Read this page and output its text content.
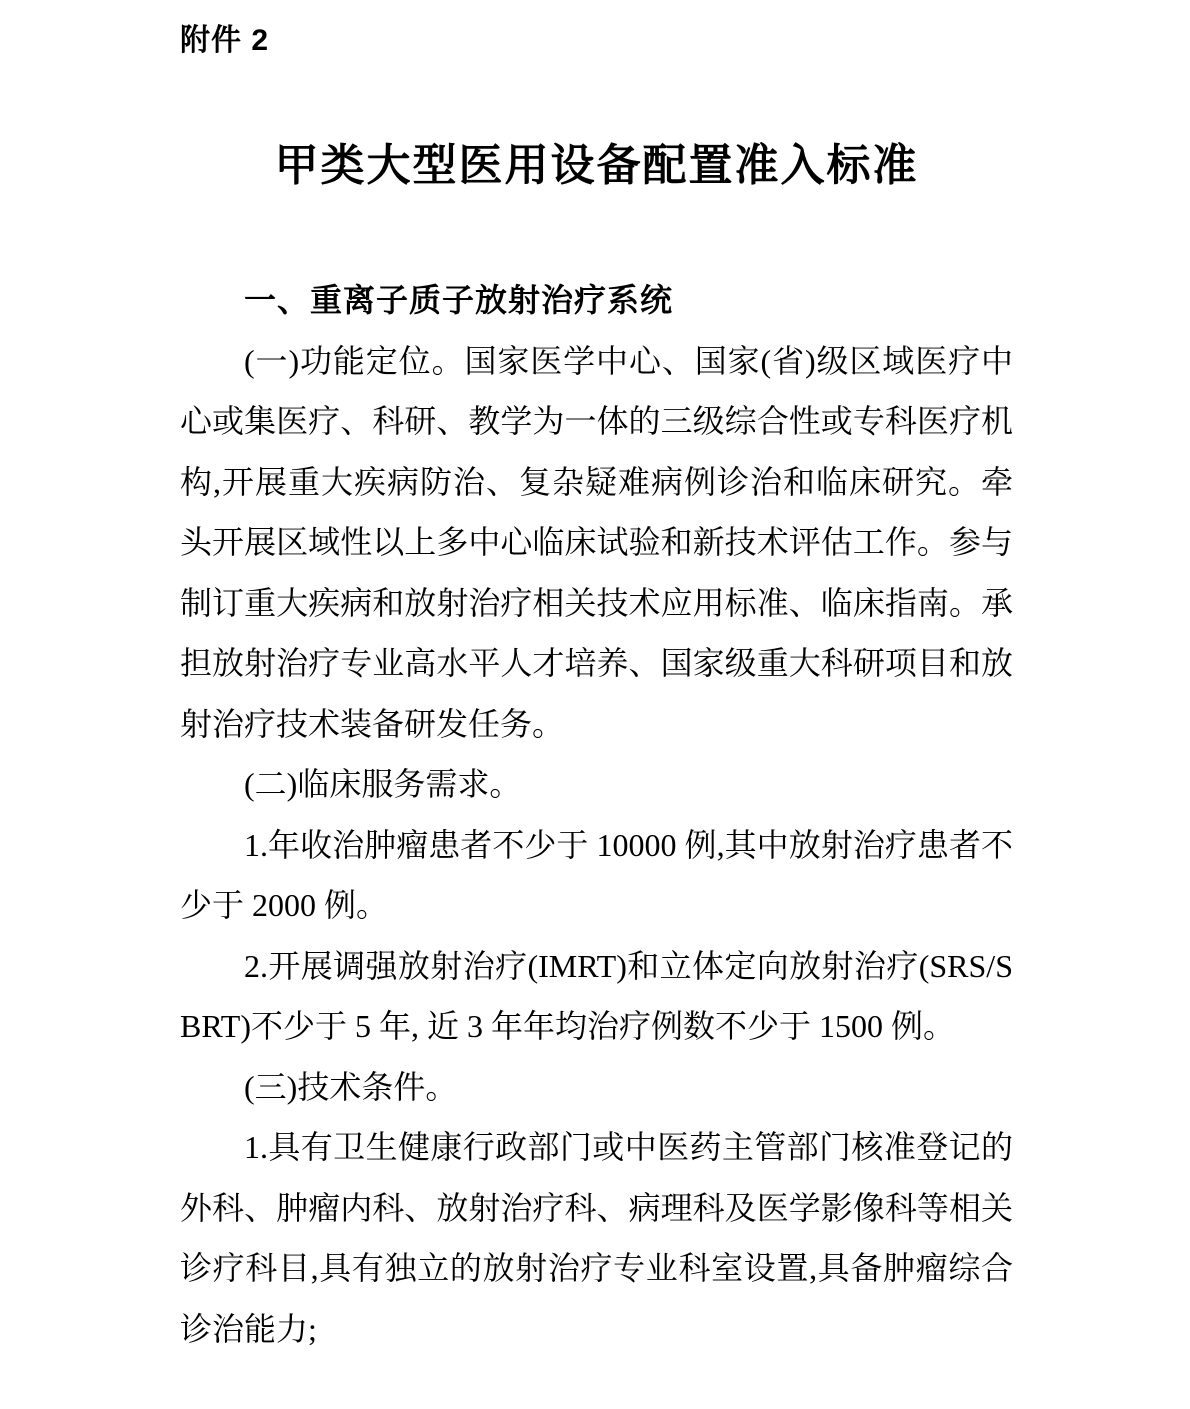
附件 2
甲类大型医用设备配置准入标准
一、重离子质子放射治疗系统

(一)功能定位。国家医学中心、国家(省)级区域医疗中心或集医疗、科研、教学为一体的三级综合性或专科医疗机构,开展重大疾病防治、复杂疑难病例诊治和临床研究。牵头开展区域性以上多中心临床试验和新技术评估工作。参与制订重大疾病和放射治疗相关技术应用标准、临床指南。承担放射治疗专业高水平人才培养、国家级重大科研项目和放射治疗技术装备研发任务。

(二)临床服务需求。

1.年收治肿瘤患者不少于 10000 例,其中放射治疗患者不少于 2000 例。

2.开展调强放射治疗(IMRT)和立体定向放射治疗(SRS/SBRT)不少于 5 年, 近 3 年年均治疗例数不少于 1500 例。

(三)技术条件。

1.具有卫生健康行政部门或中医药主管部门核准登记的外科、肿瘤内科、放射治疗科、病理科及医学影像科等相关诊疗科目,具有独立的放射治疗专业科室设置,具备肿瘤综合诊治能力;
